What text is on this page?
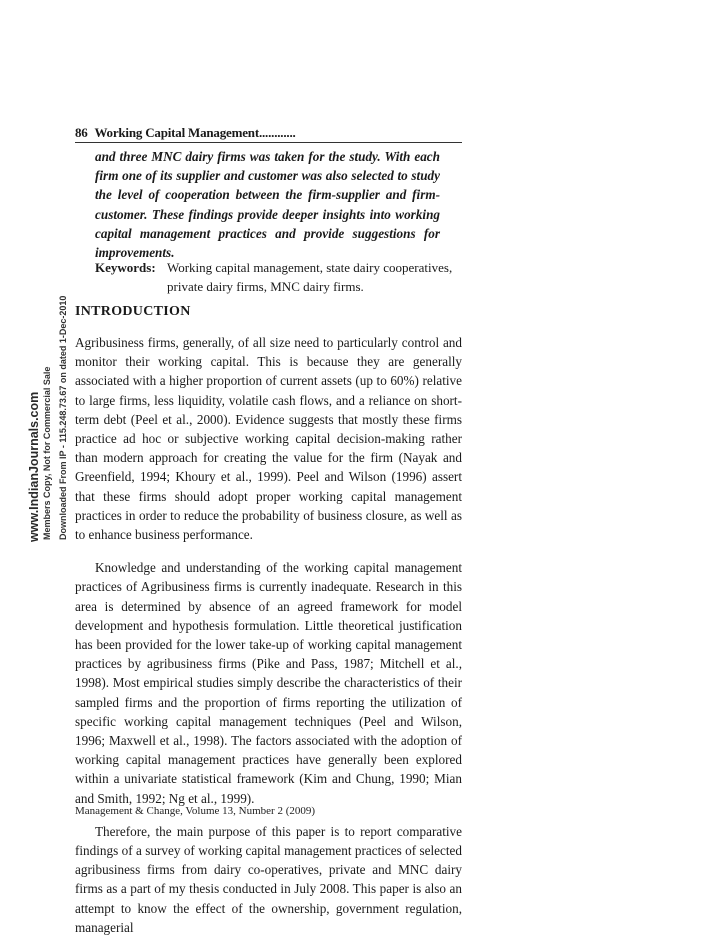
www.IndianJournals.com Members Copy, Not for Commercial Sale Downloaded From IP - 115.248.73.67 on dated 1-Dec-2010
86 Working Capital Management............

and three MNC dairy firms was taken for the study. With each firm one of its supplier and customer was also selected to study the level of cooperation between the firm-supplier and firm-customer. These findings provide deeper insights into working capital management practices and provide suggestions for improvements.

Keywords: Working capital management, state dairy cooperatives, private dairy firms, MNC dairy firms.
INTRODUCTION

Agribusiness firms, generally, of all size need to particularly control and monitor their working capital. This is because they are generally associated with a higher proportion of current assets (up to 60%) relative to large firms, less liquidity, volatile cash flows, and a reliance on short-term debt (Peel et al., 2000). Evidence suggests that mostly these firms practice ad hoc or subjective working capital decision-making rather than modern approach for creating the value for the firm (Nayak and Greenfield, 1994; Khoury et al., 1999). Peel and Wilson (1996) assert that these firms should adopt proper working capital management practices in order to reduce the probability of business closure, as well as to enhance business performance.

Knowledge and understanding of the working capital management practices of Agribusiness firms is currently inadequate. Research in this area is determined by absence of an agreed framework for model development and hypothesis formulation. Little theoretical justification has been provided for the lower take-up of working capital management practices by agribusiness firms (Pike and Pass, 1987; Mitchell et al., 1998). Most empirical studies simply describe the characteristics of their sampled firms and the proportion of firms reporting the utilization of specific working capital management techniques (Peel and Wilson, 1996; Maxwell et al., 1998). The factors associated with the adoption of working capital management practices have generally been explored within a univariate statistical framework (Kim and Chung, 1990; Mian and Smith, 1992; Ng et al., 1999).

Therefore, the main purpose of this paper is to report comparative findings of a survey of working capital management practices of selected agribusiness firms from dairy co-operatives, private and MNC dairy firms as a part of my thesis conducted in July 2008. This paper is also an attempt to know the effect of the ownership, government regulation, managerial

Management & Change, Volume 13, Number 2 (2009)
